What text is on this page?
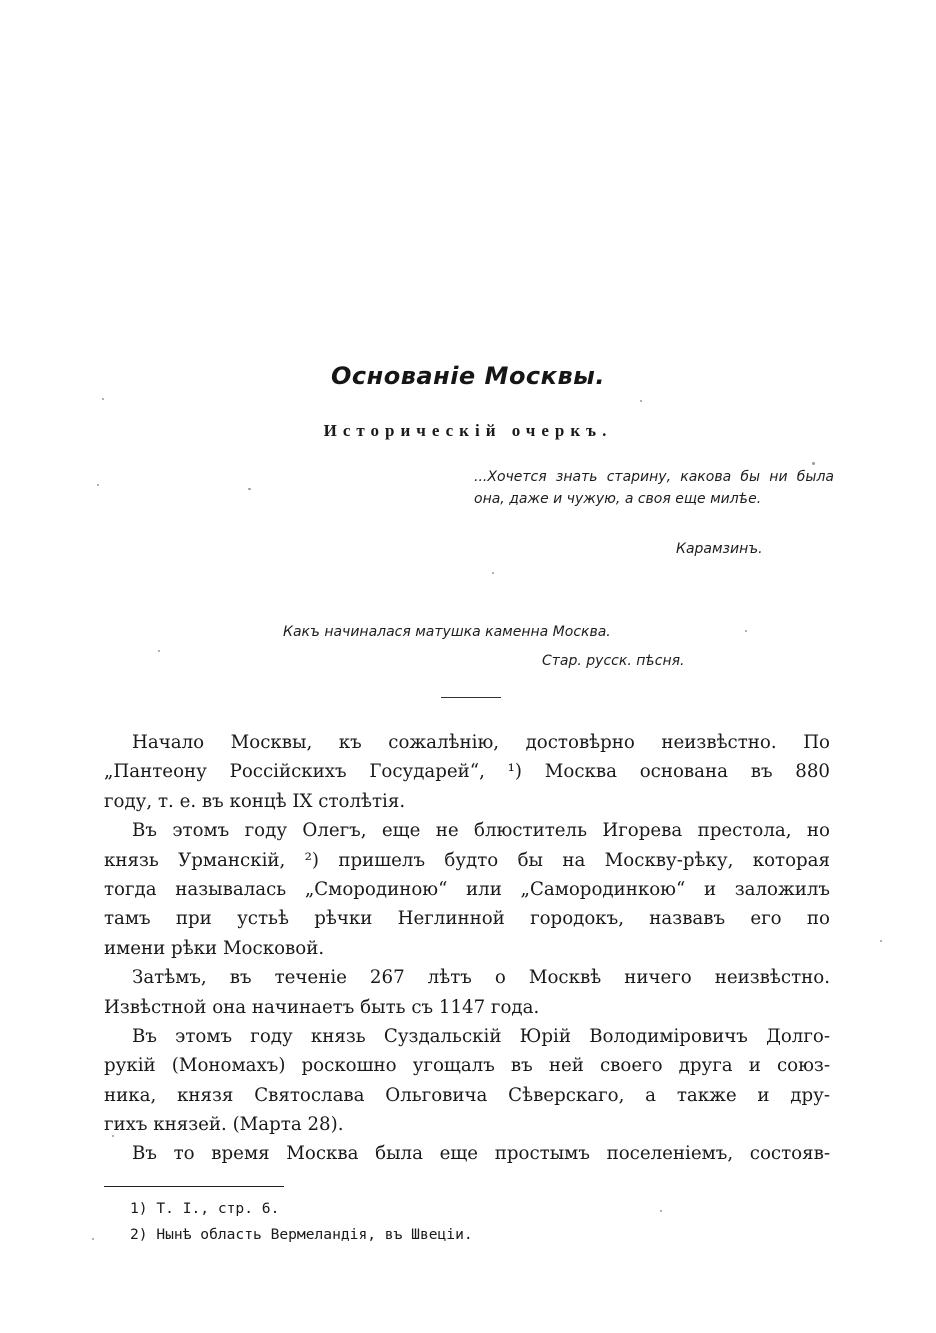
Основаніе Москвы.
Историческій очеркъ.
...Хочется знать старину, какова бы ни была она, даже и чужую, а своя еще милѣе.
Карамзинъ.
Какъ начиналася матушка каменна Москва.
Стар. русск. пѣсня.
Начало Москвы, къ сожалѣнію, достовѣрно неизвѣстно. По
„Пантеону Россійскихъ Государей“, ¹) Москва основана въ 880
году, т. е. въ концѣ IX столѣтія.
Въ этомъ году Олегъ, еще не блюститель Игорева престола, но
князь Урманскій, ²) пришелъ будто бы на Москву-рѣку, которая
тогда называлась „Смородиною“ или „Самородинкою“ и заложилъ
тамъ при устьѣ рѣчки Неглинной городокъ, назвавъ его по
имени рѣки Московой.
Затѣмъ, въ теченіе 267 лѣтъ о Москвѣ ничего неизвѣстно.
Извѣстной она начинаетъ быть съ 1147 года.
Въ этомъ году князь Суздальскій Юрій Володиміровичъ Долго-
рукій (Мономахъ) роскошно угощалъ въ ней своего друга и союз-
ника, князя Святослава Ольговича Сѣверскаго, а также и дру-
гихъ князей. (Марта 28).
Въ то время Москва была еще простымъ поселеніемъ, состояв-
1) Т. I., стр. 6.
2) Нынѣ область Вермеландія, въ Швеціи.
